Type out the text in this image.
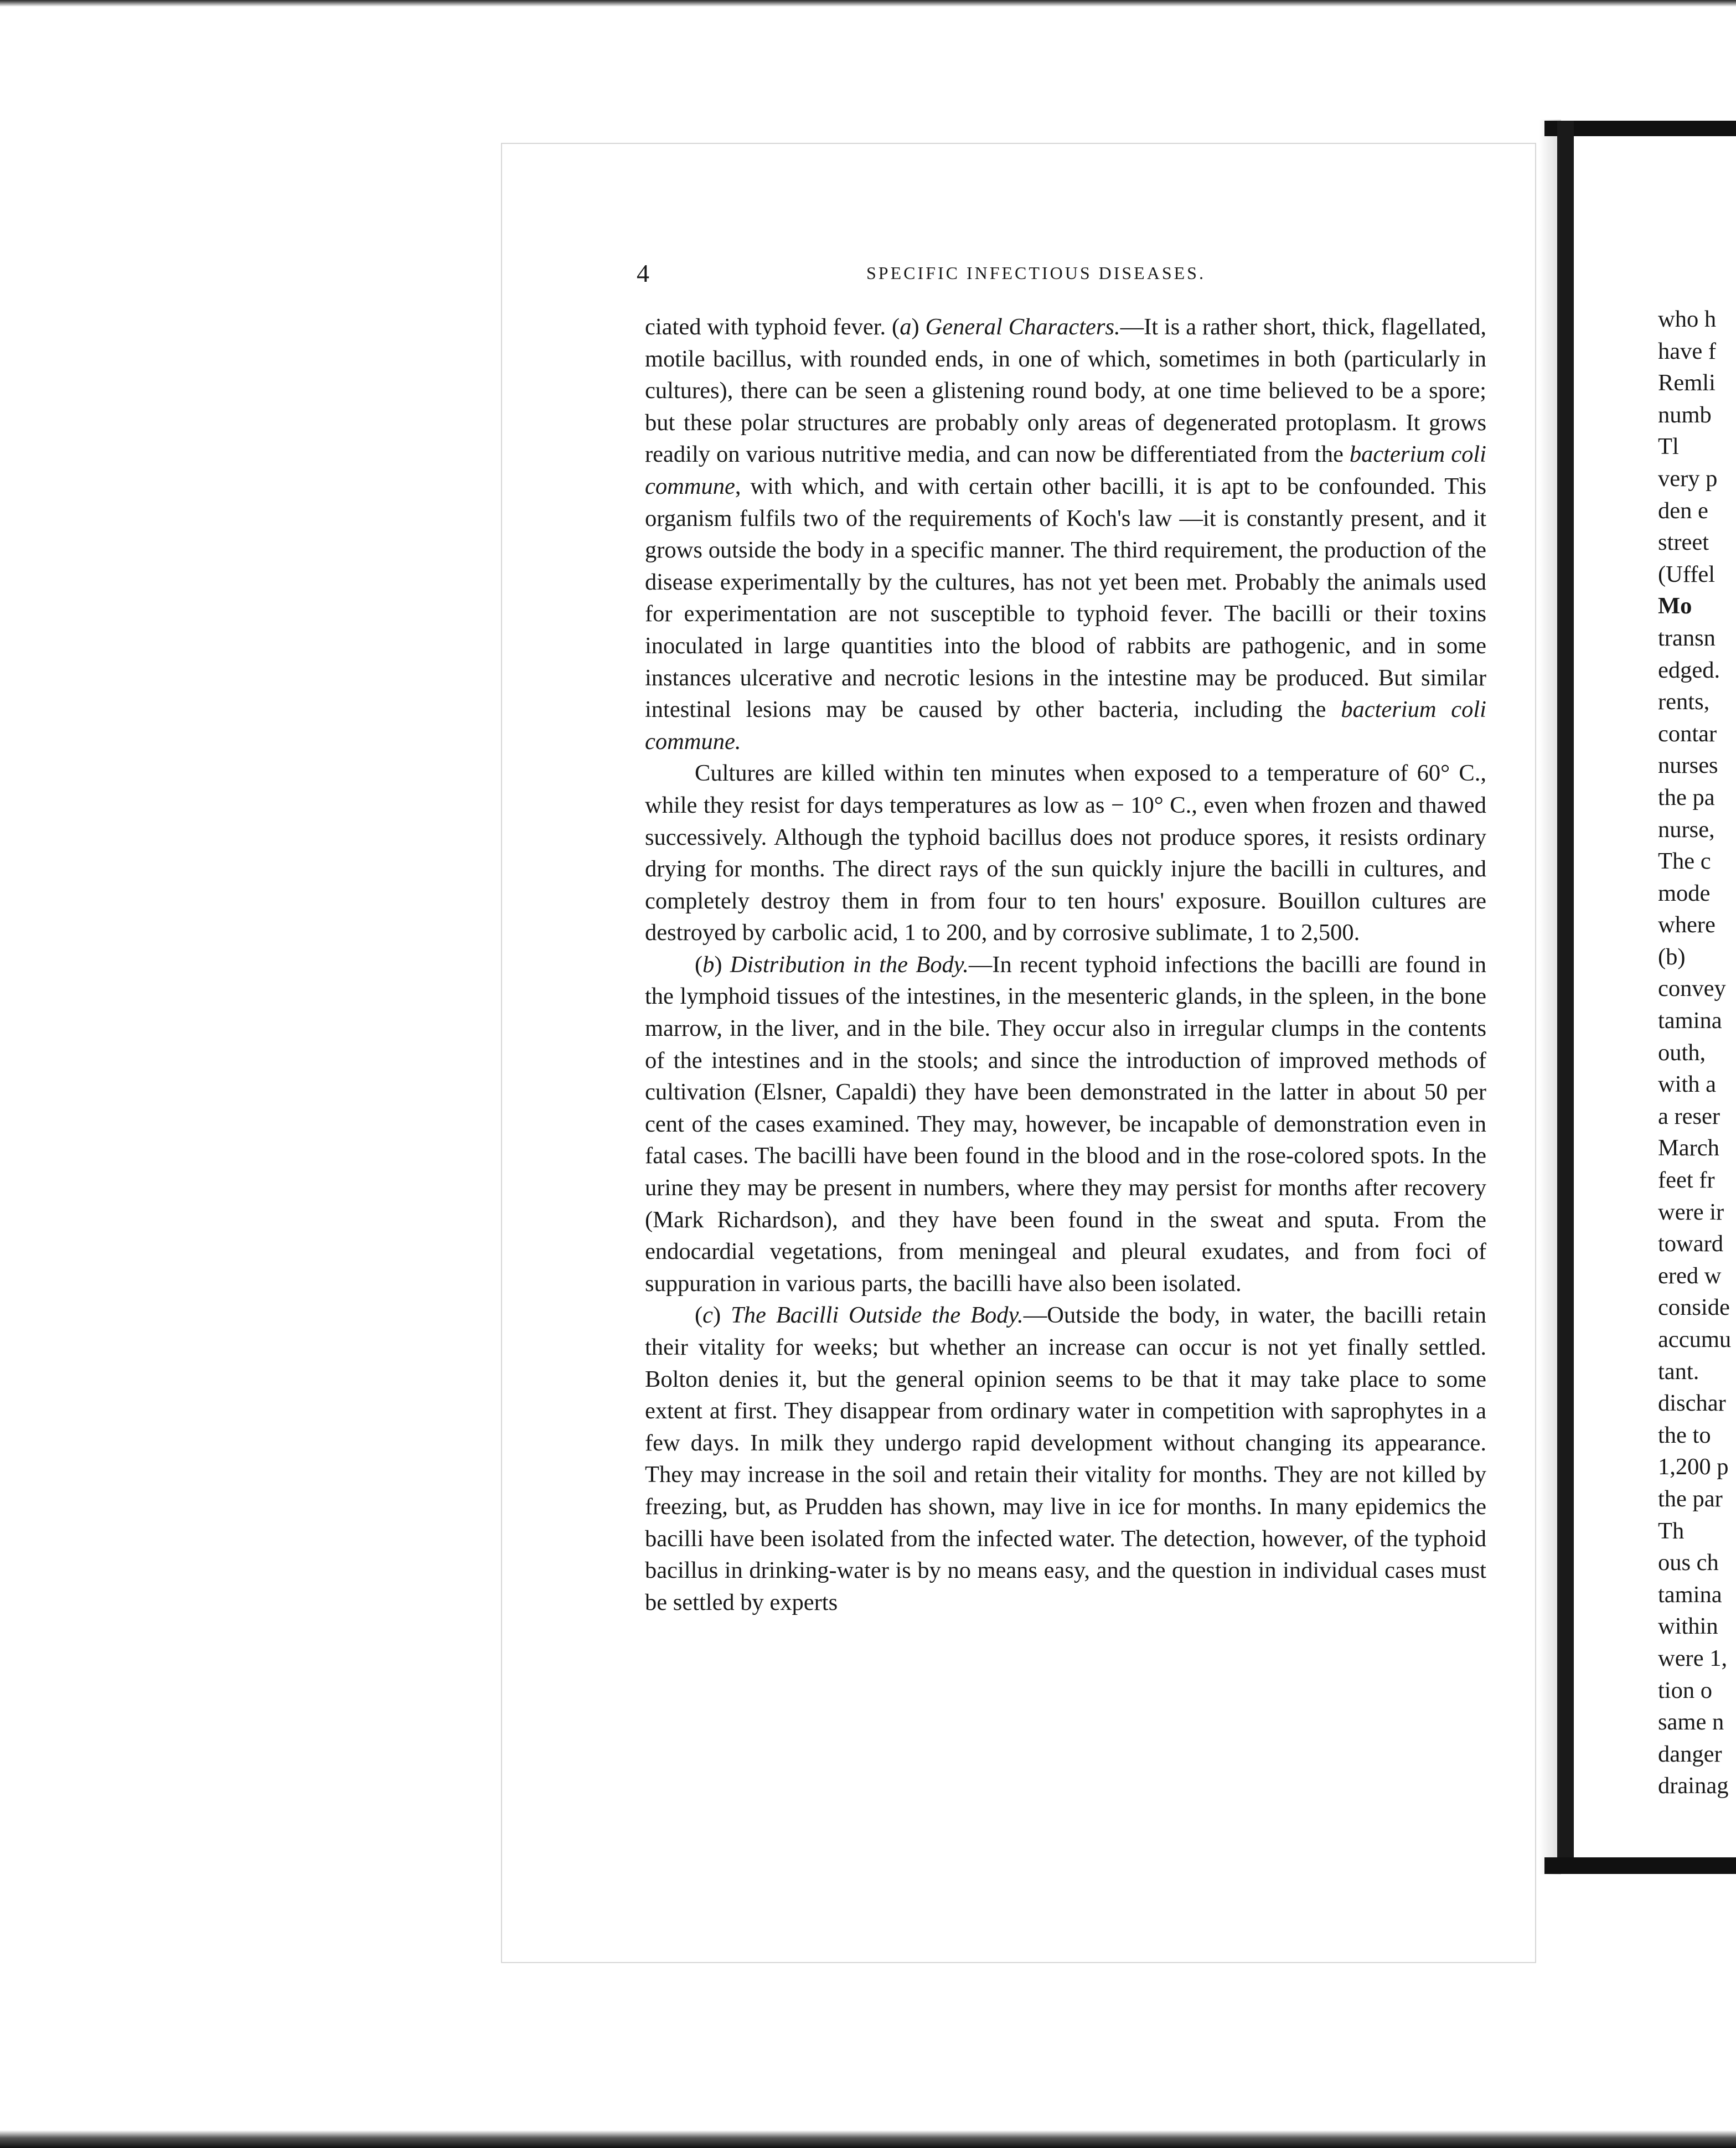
4	SPECIFIC INFECTIOUS DISEASES.

ciated with typhoid fever. (a) General Characters.—It is a rather short, thick, flagellated, motile bacillus, with rounded ends, in one of which, sometimes in both (particularly in cultures), there can be seen a glistening round body, at one time believed to be a spore; but these polar structures are probably only areas of degenerated protoplasm. It grows readily on various nutritive media, and can now be differentiated from the bacterium coli commune, with which, and with certain other bacilli, it is apt to be confounded. This organism fulfils two of the requirements of Koch's law —it is constantly present, and it grows outside the body in a specific manner. The third requirement, the production of the disease experimentally by the cultures, has not yet been met. Probably the animals used for experimentation are not susceptible to typhoid fever. The bacilli or their toxins inoculated in large quantities into the blood of rabbits are pathogenic, and in some instances ulcerative and necrotic lesions in the intestine may be produced. But similar intestinal lesions may be caused by other bacteria, including the bacterium coli commune.

Cultures are killed within ten minutes when exposed to a temperature of 60° C., while they resist for days temperatures as low as − 10° C., even when frozen and thawed successively. Although the typhoid bacillus does not produce spores, it resists ordinary drying for months. The direct rays of the sun quickly injure the bacilli in cultures, and completely destroy them in from four to ten hours' exposure. Bouillon cultures are destroyed by carbolic acid, 1 to 200, and by corrosive sublimate, 1 to 2,500.

(b) Distribution in the Body.—In recent typhoid infections the bacilli are found in the lymphoid tissues of the intestines, in the mesenteric glands, in the spleen, in the bone marrow, in the liver, and in the bile. They occur also in irregular clumps in the contents of the intestines and in the stools; and since the introduction of improved methods of cultivation (Elsner, Capaldi) they have been demonstrated in the latter in about 50 per cent of the cases examined. They may, however, be incapable of demonstration even in fatal cases. The bacilli have been found in the blood and in the rose-colored spots. In the urine they may be present in numbers, where they may persist for months after recovery (Mark Richardson), and they have been found in the sweat and sputa. From the endocardial vegetations, from meningeal and pleural exudates, and from foci of suppuration in various parts, the bacilli have also been isolated.

(c) The Bacilli Outside the Body.—Outside the body, in water, the bacilli retain their vitality for weeks; but whether an increase can occur is not yet finally settled. Bolton denies it, but the general opinion seems to be that it may take place to some extent at first. They disappear from ordinary water in competition with saprophytes in a few days. In milk they undergo rapid development without changing its appearance. They may increase in the soil and retain their vitality for months. They are not killed by freezing, but, as Prudden has shown, may live in ice for months. In many epidemics the bacilli have been isolated from the infected water. The detection, however, of the typhoid bacillus in drinking-water is by no means easy, and the question in individual cases must be settled by experts

who h
have f
Remli
numb
Tl
very p
den e
street
(Uffel
Mo
transn
edged.
rents,
contar
nurses
the pa
nurse,
The c
mode
where
(b)
convey
tamina
outh,
with a
a reser
March
feet fr
were ir
toward
ered w
conside
accumu
tant.
dischar
the to
1,200 p
the par
Th
ous ch
tamina
within
were 1,
tion o
same n
danger
drainag
